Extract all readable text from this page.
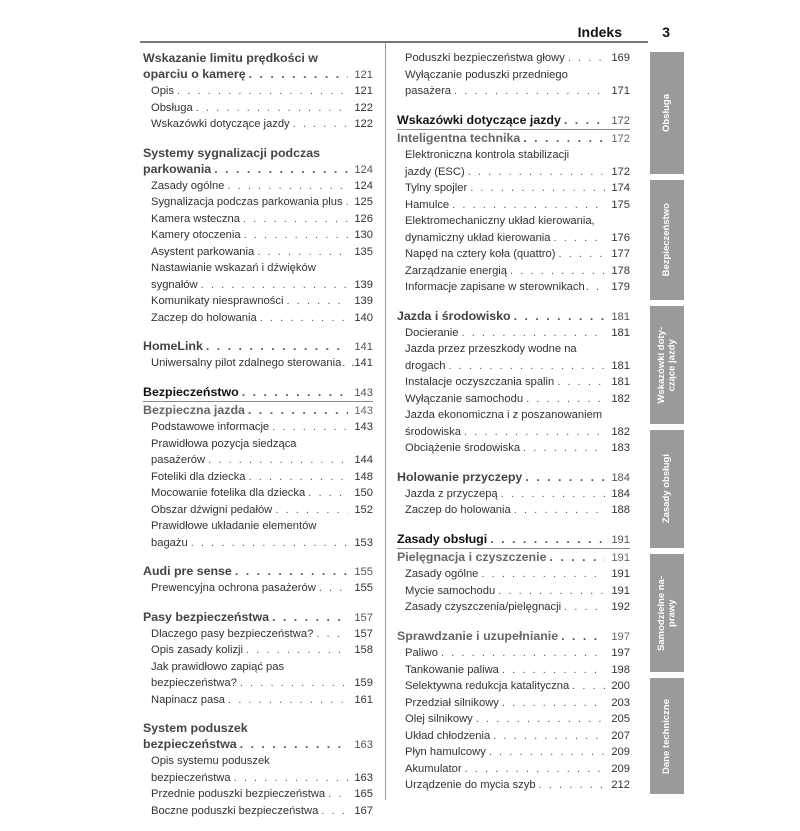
Indeks	3
Wskazanie limitu prędkości w
oparciu o kamerę . . .	121
Opis . . .	121
Obsługa . . .	122
Wskazówki dotyczące jazdy . . .	122
Systemy sygnalizacji podczas
parkowania . . .	124
Zasady ogólne . . .	124
Sygnalizacja podczas parkowania plus . . . 125
Kamera wsteczna . . .	126
Kamery otoczenia . . .	130
Asystent parkowania . . .	135
Nastawianie wskazań i dźwięków
sygnałów . . .	139
Komunikaty niesprawności . . .	139
Zaczep do holowania . . .	140
HomeLink . . .	141
Uniwersalny pilot zdalnego sterowania . . . .141
Bezpieczeństwo . . .	143
Bezpieczna jazda . . .	143
Podstawowe informacje . . .	143
Prawidłowa pozycja siedząca
pasażerów . . .	144
Foteliki dla dziecka . . .	148
Mocowanie fotelika dla dziecka . . .	150
Obszar dźwigni pedałów . . .	152
Prawidłowe układanie elementów
bagażu . . .	153
Audi pre sense . . .	155
Prewencyjna ochrona pasażerów . . .	155
Pasy bezpieczeństwa . . .	157
Dlaczego pasy bezpieczeństwa? . . .	157
Opis zasady kolizji . . .	158
Jak prawidłowo zapiąć pas
bezpieczeństwa? . . .	159
Napinacz pasa . . .	161
System poduszek
bezpieczeństwa . . .	163
Opis systemu poduszek
bezpieczeństwa . . .	163
Przednie poduszki bezpieczeństwa . . .	165
Boczne poduszki bezpieczeństwa . . .	167
Poduszki bezpieczeństwa głowy . . .	169
Wyłączanie poduszki przedniego
pasażera . . .	171
Wskazówki dotyczące jazdy . . .	172
Inteligentna technika . . .	172
Elektroniczna kontrola stabilizacji
jazdy (ESC) . . .	172
Tylny spojler . . .	174
Hamulce . . .	175
Elektromechaniczny układ kierowania,
dynamiczny układ kierowania . . .	176
Napęd na cztery koła (quattro) . . .	177
Zarządzanie energią . . .	178
Informacje zapisane w sterownikach . . . 179
Jazda i środowisko . . .	181
Docieranie . . .	181
Jazda przez przeszkody wodne na
drogach . . .	181
Instalacje oczyszczania spalin . . .	181
Wyłączanie samochodu . . .	182
Jazda ekonomiczna i z poszanowaniem
środowiska . . .	182
Obciążenie środowiska . . .	183
Holowanie przyczepy . . .	184
Jazda z przyczepą . . .	184
Zaczep do holowania . . .	188
Zasady obsługi . . .	191
Pielęgnacja i czyszczenie . . .	191
Zasady ogólne . . .	191
Mycie samochodu . . .	191
Zasady czyszczenia/pielęgnacji . . .	192
Sprawdzanie i uzupełnianie . . .	197
Paliwo . . .	197
Tankowanie paliwa . . .	198
Selektywna redukcja katalityczna . . .	200
Przedział silnikowy . . .	203
Olej silnikowy . . .	205
Układ chłodzenia . . .	207
Płyn hamulcowy . . .	209
Akumulator . . .	209
Urządzenie do mycia szyb . . .	212
Obsługa
Bezpieczeństwo
Wskazówki doty-
czące jazdy
Zasady obsługi
Samodzielne na-
prawy
Dane techniczne
